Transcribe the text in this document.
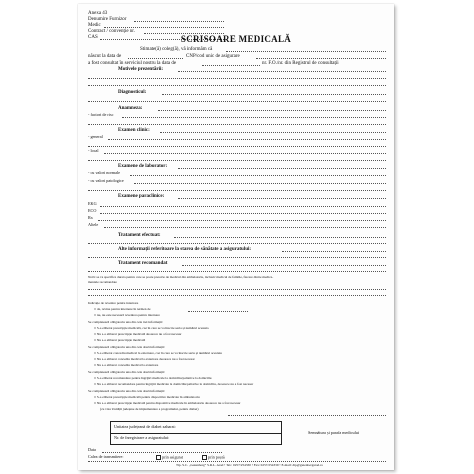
Anexa 43
Denumire Furnizor
Medic
Contract / convenție nr.
CAS	SCRISOARE MEDICALĂ
Stimate(ă) coleg(ă), vă informăm că
născut la data de	CNP/cod unic de asigurare
a fost consultat în serviciul nostru la data de	nr. F.O./nr. din Registrul de consultații
Motivele prezentării:
Diagnosticul:
Anamneza:
- factori de risc
Examen clinic:
- general
- local
Examene de laborator:
- cu valori normale
- cu valori patologice
Examene paraclinice:
EKG
ECO
Rx
Altele
Tratament efectuat:
Alte informații referitoare la starea de sănătate a asiguratului:
Tratament recomandat
Notă: se va specifica durata pentru care se poate prescrie de medicul din ambulatoriu, inclusiv medicul de familie, fiecare dintre medica-
mentele recomandate
Indicație de revenire pentru internare
□ da, revine pentru internare în termen de
□ nu, nu este necesară revenirea pentru internare
Se completează obligatoriu una din cele trei informații:
□ S-a eliberat prescripție medicală, caz în care se va înscrie seria și numărul acesteia
□ Nu s-a eliberat prescripție medicală deoarece nu a fost necesar
□ Nu s-a eliberat prescripție medicală
Se completează obligatoriu una din cele două informații:
□ S-a eliberat concediu medical la externare, caz în care se va înscrie seria și numărul acestuia
□ Nu s-a eliberat concediu medical la externare deoarece nu a fost necesar
□ Nu s-a eliberat concediu medical la externare
Se completează obligatoriu una din cele două informații:
□ S-a eliberat recomandare pentru îngrijiri medicale la domiciliu/paliative la domiciliu
□ Nu s-a eliberat recomandare pentru îngrijiri medicale la domiciliu/paliative la domiciliu, deoarece nu a fost necesar
Se completează obligatoriu una din cele două informații:
□ S-a eliberat prescripție medicală pentru dispozitive medicale în ambulatoriu
□ Nu s-a eliberat prescripție medicală pentru dispozitive medicale în ambulatoriu deoarece nu a fost necesar
(cu viza Unității județene de implementare a programului, pentru diabet)
Unitatea județeană de diabet zaharat:
Nr. de înregistrare a asiguratului:
Semnătura și parafa medicului
Data
Calea de transmitere:	prin asigurat	prin poștă
Tip. S.C. „Gutenberg” S.R.L. Arad • Tel.: 0257/254330 • Fax: 0257/254339 • E-mail: dtp@gutenbergarad.ro
